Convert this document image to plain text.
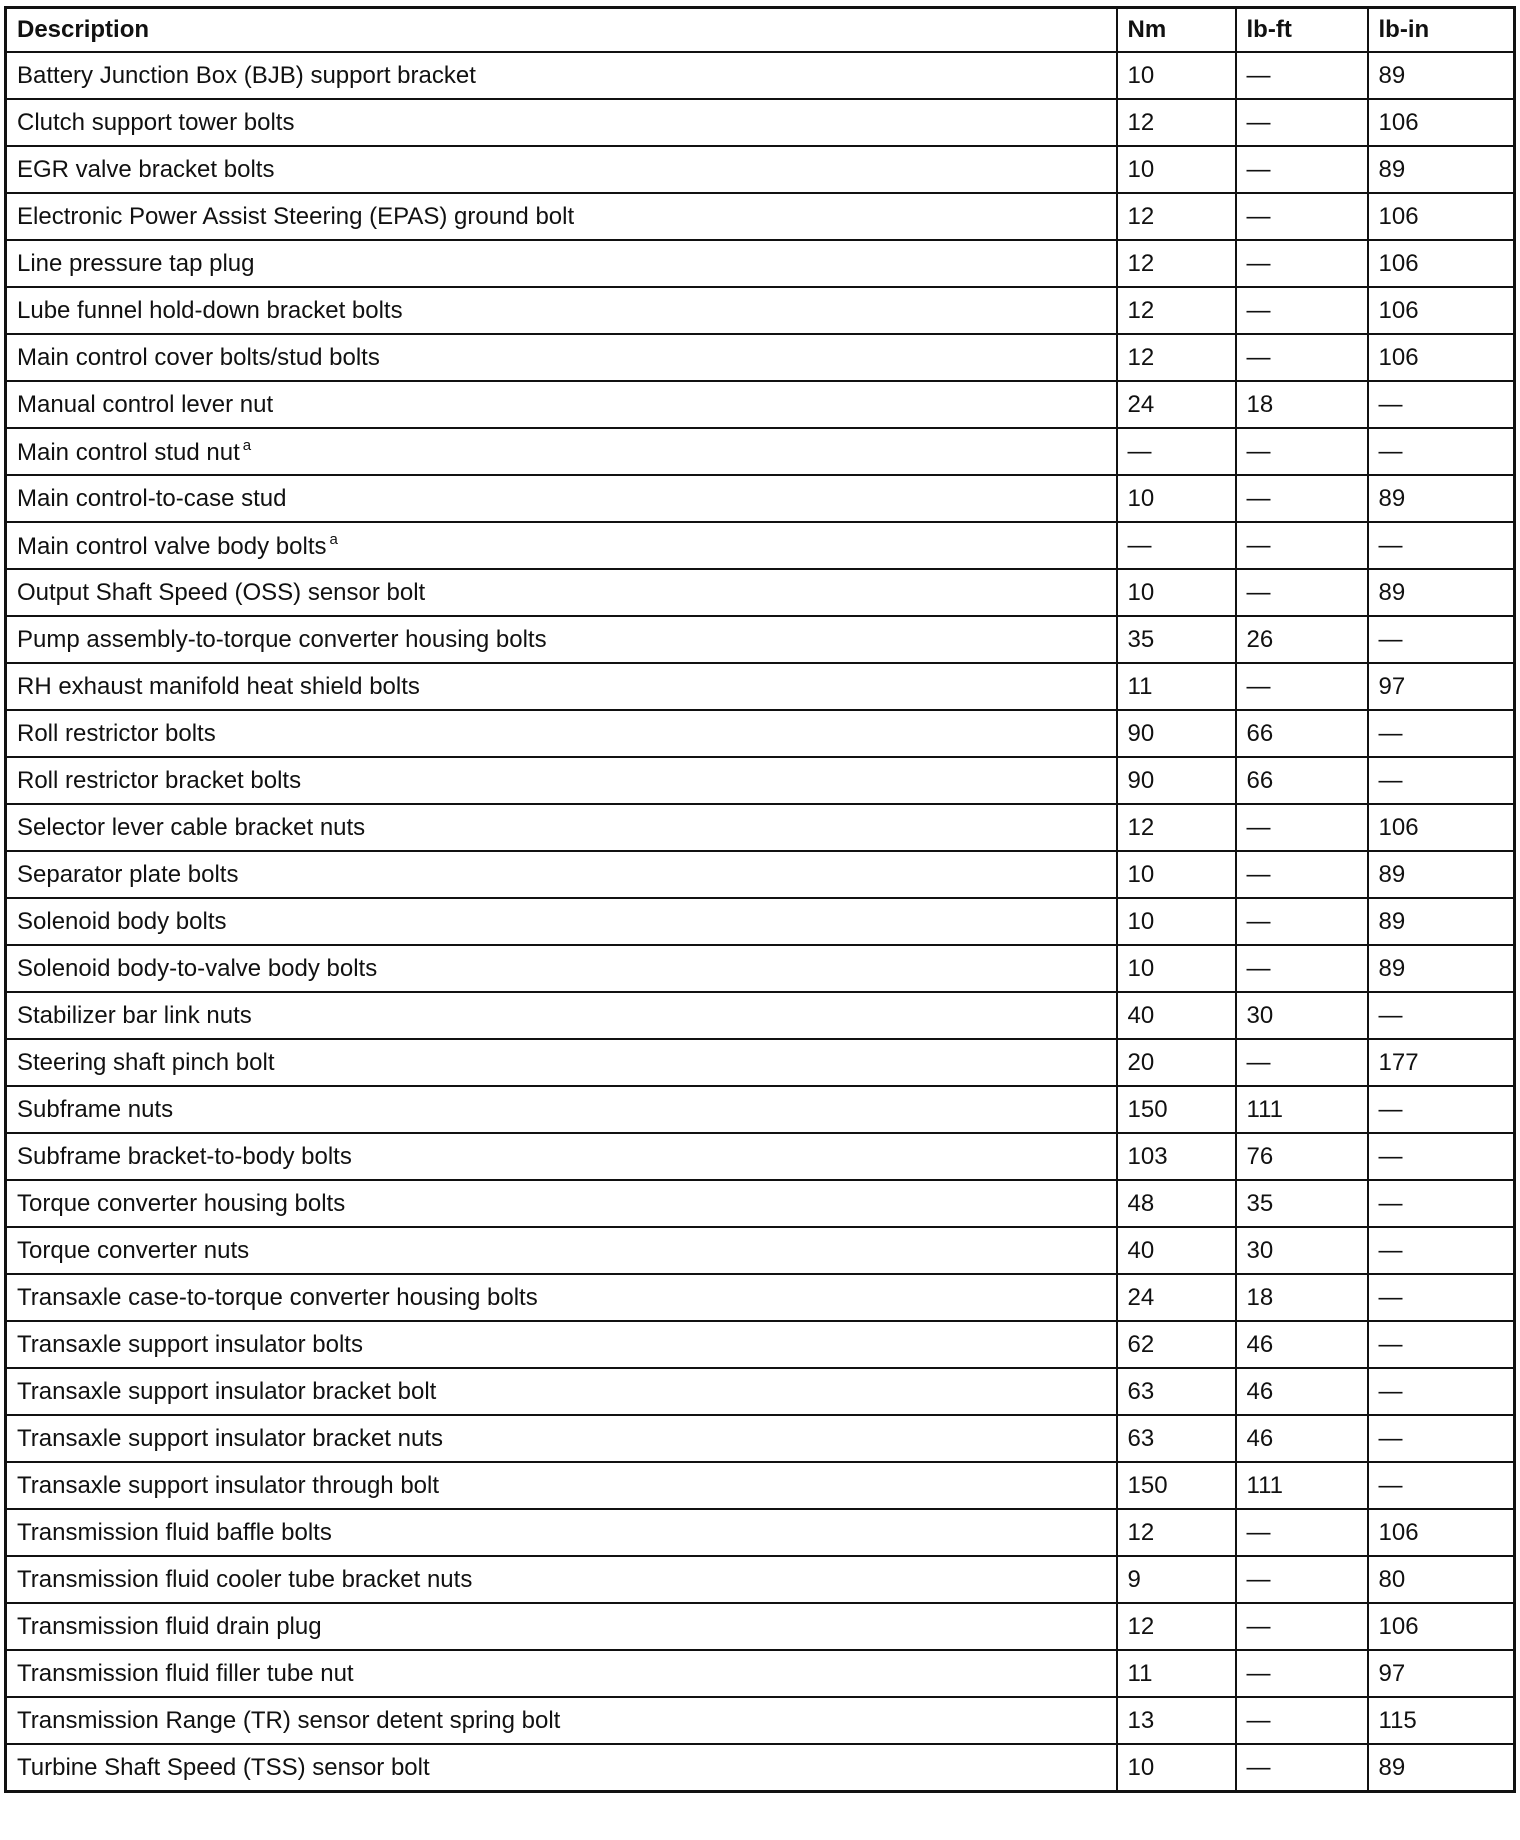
Description	Nm	lb-ft	lb-in
Battery Junction Box (BJB) support bracket	10	—	89
Clutch support tower bolts	12	—	106
EGR valve bracket bolts	10	—	89
Electronic Power Assist Steering (EPAS) ground bolt	12	—	106
Line pressure tap plug	12	—	106
Lube funnel hold-down bracket bolts	12	—	106
Main control cover bolts/stud bolts	12	—	106
Manual control lever nut	24	18	—
Main control stud nut $^a$	—	—	—
Main control-to-case stud	10	—	89
Main control valve body bolts $^a$	—	—	—
Output Shaft Speed (OSS) sensor bolt	10	—	89
Pump assembly-to-torque converter housing bolts	35	26	—
RH exhaust manifold heat shield bolts	11	—	97
Roll restrictor bolts	90	66	—
Roll restrictor bracket bolts	90	66	—
Selector lever cable bracket nuts	12	—	106
Separator plate bolts	10	—	89
Solenoid body bolts	10	—	89
Solenoid body-to-valve body bolts	10	—	89
Stabilizer bar link nuts	40	30	—
Steering shaft pinch bolt	20	—	177
Subframe nuts	150	111	—
Subframe bracket-to-body bolts	103	76	—
Torque converter housing bolts	48	35	—
Torque converter nuts	40	30	—
Transaxle case-to-torque converter housing bolts	24	18	—
Transaxle support insulator bolts	62	46	—
Transaxle support insulator bracket bolt	63	46	—
Transaxle support insulator bracket nuts	63	46	—
Transaxle support insulator through bolt	150	111	—
Transmission fluid baffle bolts	12	—	106
Transmission fluid cooler tube bracket nuts	9	—	80
Transmission fluid drain plug	12	—	106
Transmission fluid filler tube nut	11	—	97
Transmission Range (TR) sensor detent spring bolt	13	—	115
Turbine Shaft Speed (TSS) sensor bolt	10	—	89
